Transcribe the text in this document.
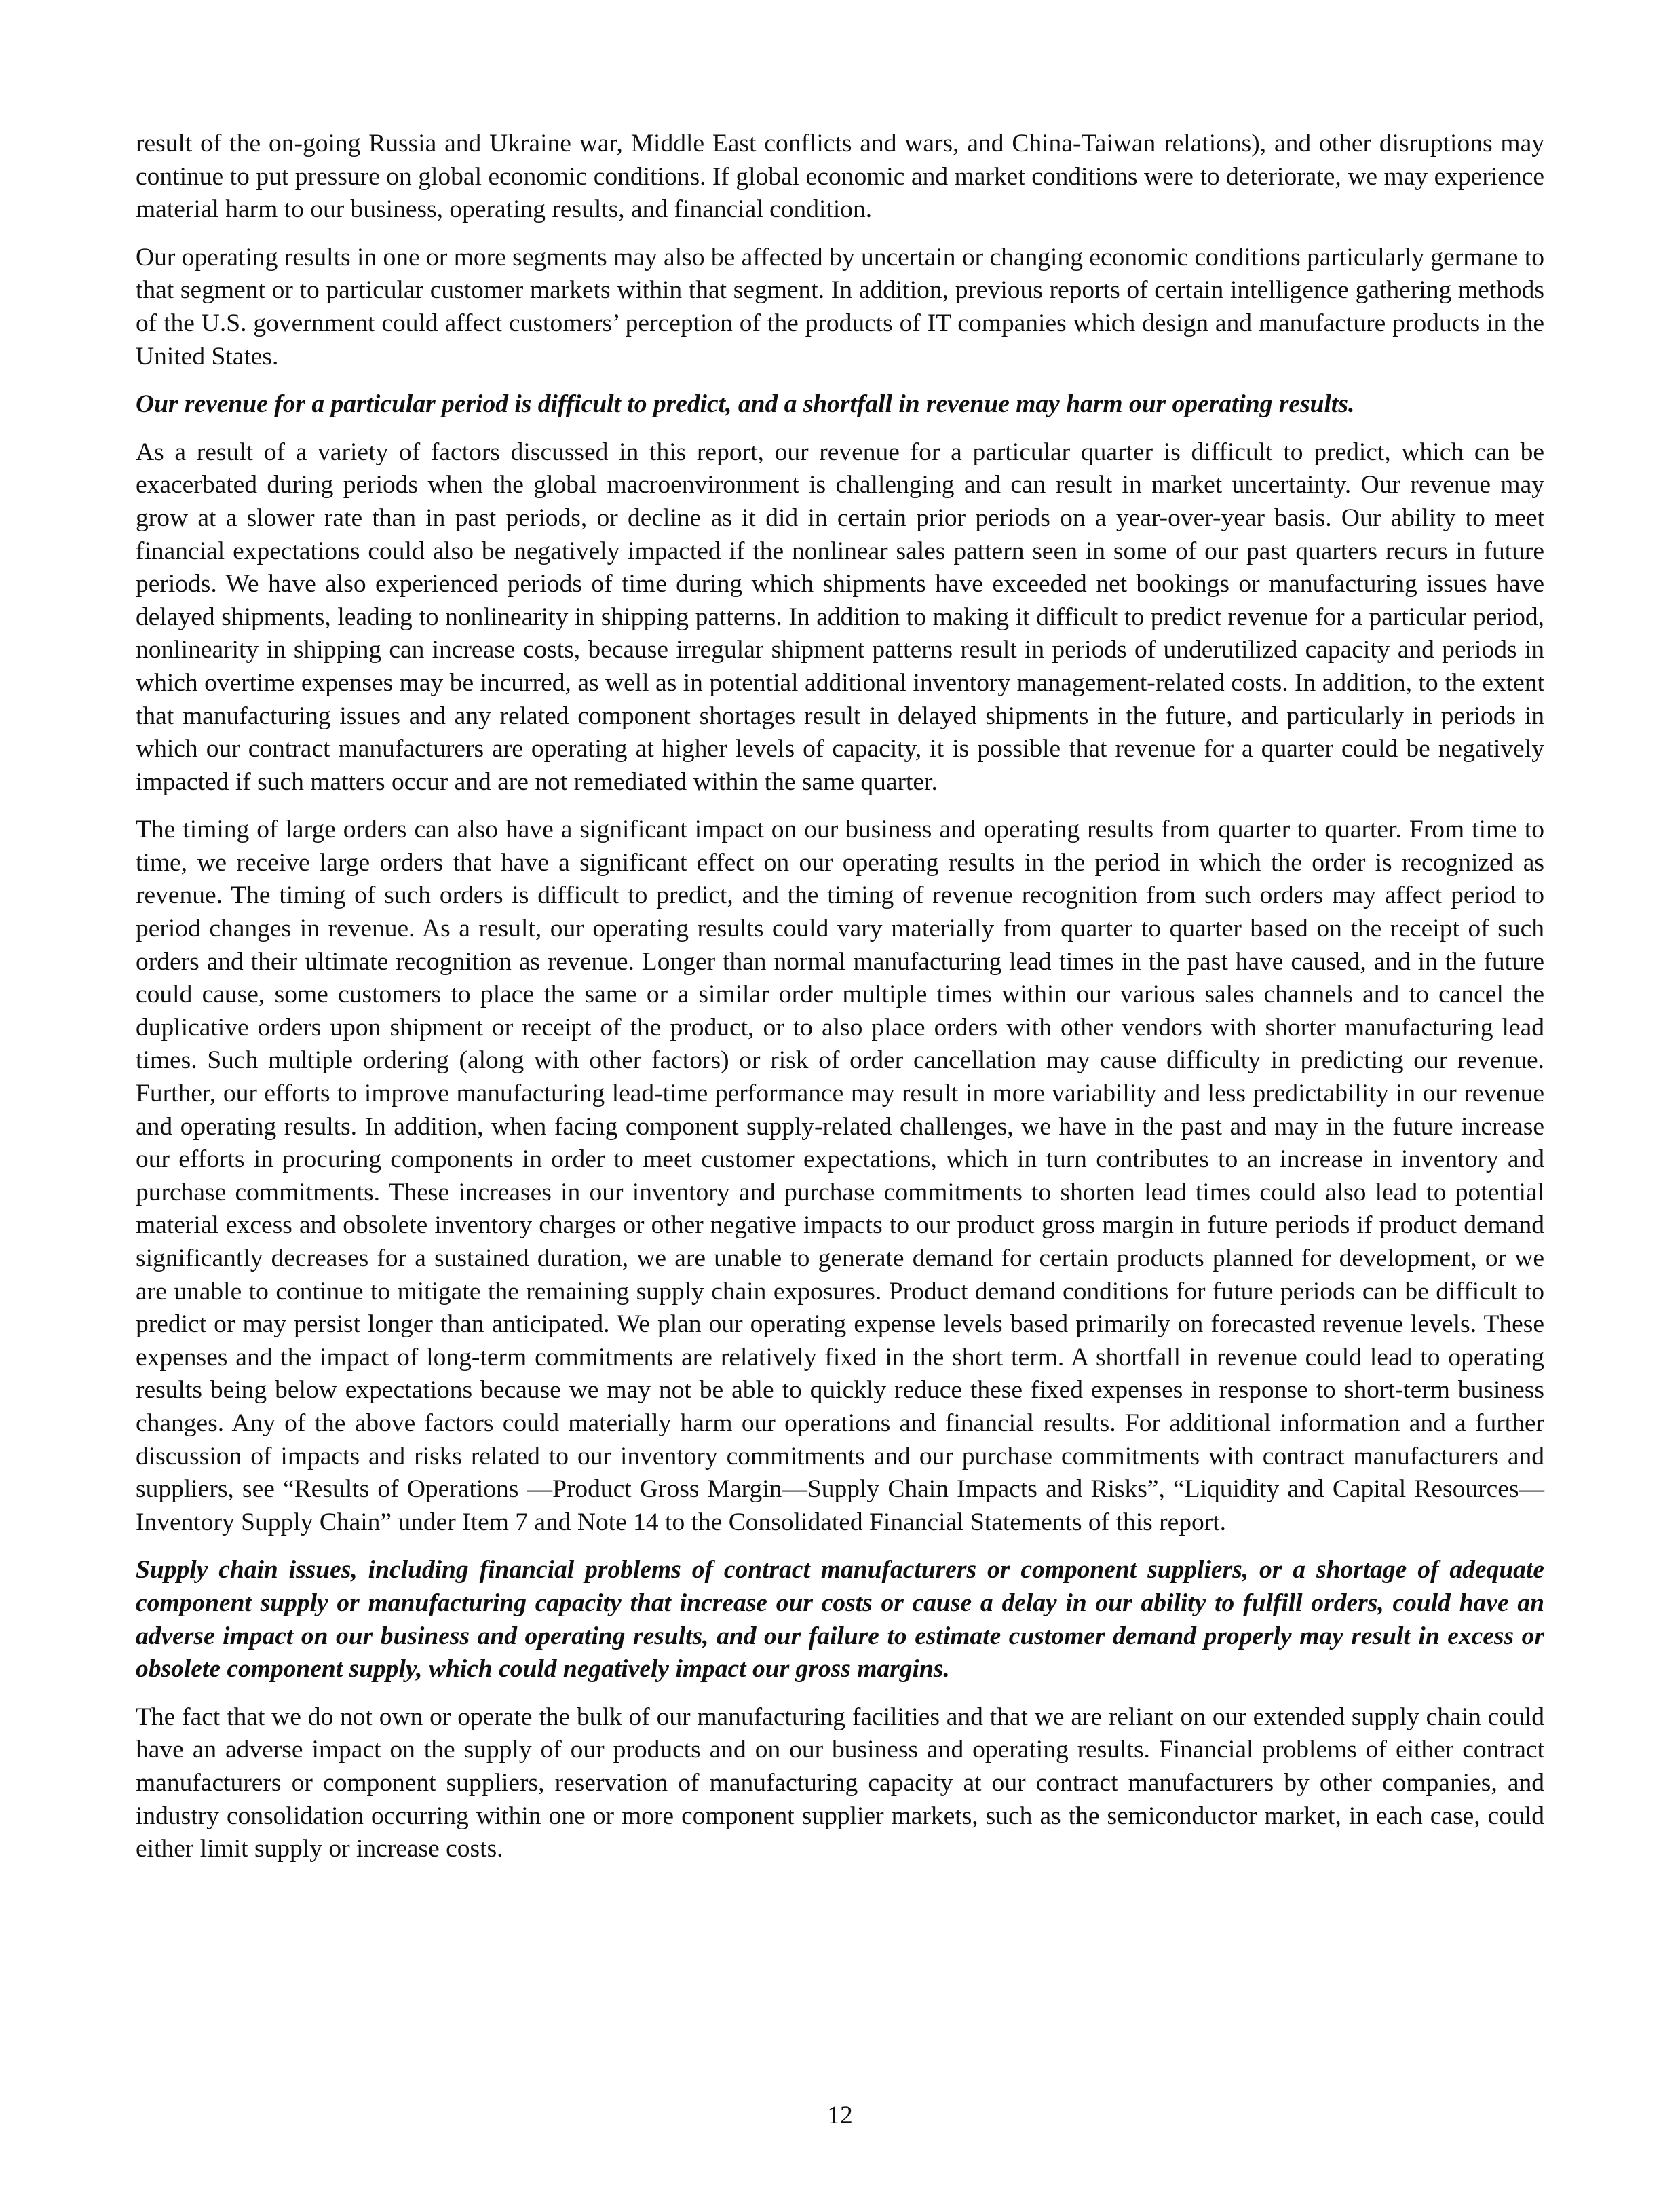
result of the on-going Russia and Ukraine war, Middle East conflicts and wars, and China-Taiwan relations), and other disruptions may continue to put pressure on global economic conditions. If global economic and market conditions were to deteriorate, we may experience material harm to our business, operating results, and financial condition.

Our operating results in one or more segments may also be affected by uncertain or changing economic conditions particularly germane to that segment or to particular customer markets within that segment. In addition, previous reports of certain intelligence gathering methods of the U.S. government could affect customers’ perception of the products of IT companies which design and manufacture products in the United States.

Our revenue for a particular period is difficult to predict, and a shortfall in revenue may harm our operating results.

As a result of a variety of factors discussed in this report, our revenue for a particular quarter is difficult to predict, which can be exacerbated during periods when the global macroenvironment is challenging and can result in market uncertainty. Our revenue may grow at a slower rate than in past periods, or decline as it did in certain prior periods on a year-over-year basis. Our ability to meet financial expectations could also be negatively impacted if the nonlinear sales pattern seen in some of our past quarters recurs in future periods. We have also experienced periods of time during which shipments have exceeded net bookings or manufacturing issues have delayed shipments, leading to nonlinearity in shipping patterns. In addition to making it difficult to predict revenue for a particular period, nonlinearity in shipping can increase costs, because irregular shipment patterns result in periods of underutilized capacity and periods in which overtime expenses may be incurred, as well as in potential additional inventory management-related costs. In addition, to the extent that manufacturing issues and any related component shortages result in delayed shipments in the future, and particularly in periods in which our contract manufacturers are operating at higher levels of capacity, it is possible that revenue for a quarter could be negatively impacted if such matters occur and are not remediated within the same quarter.

The timing of large orders can also have a significant impact on our business and operating results from quarter to quarter. From time to time, we receive large orders that have a significant effect on our operating results in the period in which the order is recognized as revenue. The timing of such orders is difficult to predict, and the timing of revenue recognition from such orders may affect period to period changes in revenue. As a result, our operating results could vary materially from quarter to quarter based on the receipt of such orders and their ultimate recognition as revenue. Longer than normal manufacturing lead times in the past have caused, and in the future could cause, some customers to place the same or a similar order multiple times within our various sales channels and to cancel the duplicative orders upon shipment or receipt of the product, or to also place orders with other vendors with shorter manufacturing lead times. Such multiple ordering (along with other factors) or risk of order cancellation may cause difficulty in predicting our revenue. Further, our efforts to improve manufacturing lead-time performance may result in more variability and less predictability in our revenue and operating results. In addition, when facing component supply-related challenges, we have in the past and may in the future increase our efforts in procuring components in order to meet customer expectations, which in turn contributes to an increase in inventory and purchase commitments. These increases in our inventory and purchase commitments to shorten lead times could also lead to potential material excess and obsolete inventory charges or other negative impacts to our product gross margin in future periods if product demand significantly decreases for a sustained duration, we are unable to generate demand for certain products planned for development, or we are unable to continue to mitigate the remaining supply chain exposures. Product demand conditions for future periods can be difficult to predict or may persist longer than anticipated. We plan our operating expense levels based primarily on forecasted revenue levels. These expenses and the impact of long-term commitments are relatively fixed in the short term. A shortfall in revenue could lead to operating results being below expectations because we may not be able to quickly reduce these fixed expenses in response to short-term business changes. Any of the above factors could materially harm our operations and financial results. For additional information and a further discussion of impacts and risks related to our inventory commitments and our purchase commitments with contract manufacturers and suppliers, see “Results of Operations —Product Gross Margin—Supply Chain Impacts and Risks”, “Liquidity and Capital Resources—Inventory Supply Chain” under Item 7 and Note 14 to the Consolidated Financial Statements of this report.

Supply chain issues, including financial problems of contract manufacturers or component suppliers, or a shortage of adequate component supply or manufacturing capacity that increase our costs or cause a delay in our ability to fulfill orders, could have an adverse impact on our business and operating results, and our failure to estimate customer demand properly may result in excess or obsolete component supply, which could negatively impact our gross margins.

The fact that we do not own or operate the bulk of our manufacturing facilities and that we are reliant on our extended supply chain could have an adverse impact on the supply of our products and on our business and operating results. Financial problems of either contract manufacturers or component suppliers, reservation of manufacturing capacity at our contract manufacturers by other companies, and industry consolidation occurring within one or more component supplier markets, such as the semiconductor market, in each case, could either limit supply or increase costs.

12
